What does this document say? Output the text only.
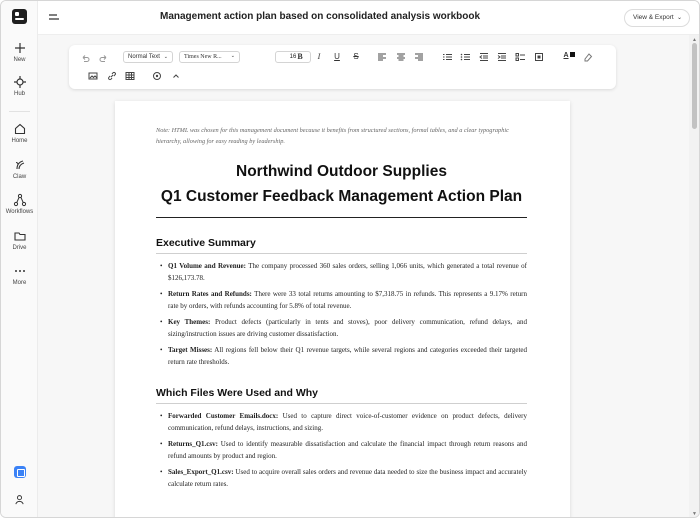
New
Hub
Home
Claw
Workflows
Drive
More
Management action plan based on consolidated analysis workbook	View & Export ⌄
Normal Text ⌄	Times New R... ⌄	16 B	I	U S	A

Note: HTML was chosen for this management document because it benefits from structured sections, formal tables, and a clear typographic hierarchy, allowing for easy reading by leadership.

Northwind Outdoor Supplies
Q1 Customer Feedback Management Action Plan
Executive Summary
• Q1 Volume and Revenue: The company processed 360 sales orders, selling 1,066 units, which generated a total revenue of $126,173.78.
• Return Rates and Refunds: There were 33 total returns amounting to $7,318.75 in refunds. This represents a 9.17% return rate by orders, with refunds accounting for 5.8% of total revenue.
• Key Themes: Product defects (particularly in tents and stoves), poor delivery communication, refund delays, and sizing/instruction issues are driving customer dissatisfaction.
• Target Misses: All regions fell below their Q1 revenue targets, while several regions and categories exceeded their targeted return rate thresholds.
Which Files Were Used and Why
• Forwarded Customer Emails.docx: Used to capture direct voice-of-customer evidence on product defects, delivery communication, refund delays, instructions, and sizing.
• Returns_Q1.csv: Used to identify measurable dissatisfaction and calculate the financial impact through return reasons and refund amounts by product and region.
• Sales_Export_Q1.csv: Used to acquire overall sales orders and revenue data needed to size the business impact and accurately calculate return rates.
▲
▼
